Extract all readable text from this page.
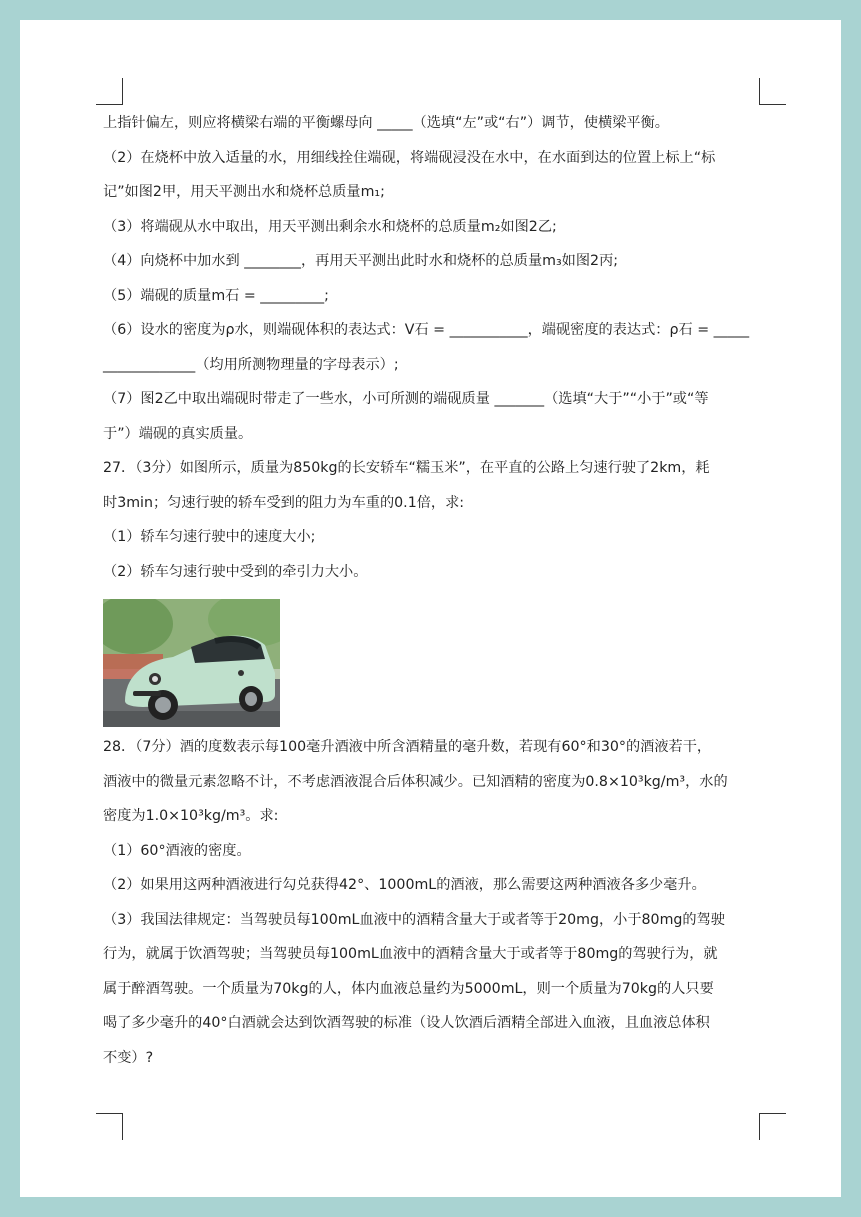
上指针偏左，则应将横梁右端的平衡螺母向 _____（选填“左”或“右”）调节，使横梁平衡。

（2）在烧杯中放入适量的水，用细线拴住端砚，将端砚浸没在水中，在水面到达的位置上标上“标

记”如图2甲，用天平测出水和烧杯总质量m₁;

（3）将端砚从水中取出，用天平测出剩余水和烧杯的总质量m₂如图2乙;

（4）向烧杯中加水到 ________，再用天平测出此时水和烧杯的总质量m₃如图2丙;

（5）端砚的质量m石 = _________;

（6）设水的密度为ρ水，则端砚体积的表达式：V石 = ___________，端砚密度的表达式：ρ石 = _____

_____________（均用所测物理量的字母表示）;

（7）图2乙中取出端砚时带走了一些水，小可所测的端砚质量 _______（选填“大于”“小于”或“等

于”）端砚的真实质量。

27．（3分）如图所示，质量为850kg的长安轿车“糯玉米”，在平直的公路上匀速行驶了2km，耗

时3min；匀速行驶的轿车受到的阻力为车重的0.1倍，求:

（1）轿车匀速行驶中的速度大小;

（2）轿车匀速行驶中受到的牵引力大小。

28．（7分）酒的度数表示每100毫升酒液中所含酒精量的毫升数，若现有60°和30°的酒液若干，

酒液中的微量元素忽略不计，不考虑酒液混合后体积减少。已知酒精的密度为0.8×10³kg/m³，水的

密度为1.0×10³kg/m³。求:

（1）60°酒液的密度。

（2）如果用这两种酒液进行勾兑获得42°、1000mL的酒液，那么需要这两种酒液各多少毫升。

（3）我国法律规定：当驾驶员每100mL血液中的酒精含量大于或者等于20mg，小于80mg的驾驶

行为，就属于饮酒驾驶；当驾驶员每100mL血液中的酒精含量大于或者等于80mg的驾驶行为，就

属于醉酒驾驶。一个质量为70kg的人，体内血液总量约为5000mL，则一个质量为70kg的人只要

喝了多少毫升的40°白酒就会达到饮酒驾驶的标准（设人饮酒后酒精全部进入血液，且血液总体积

不变）?
